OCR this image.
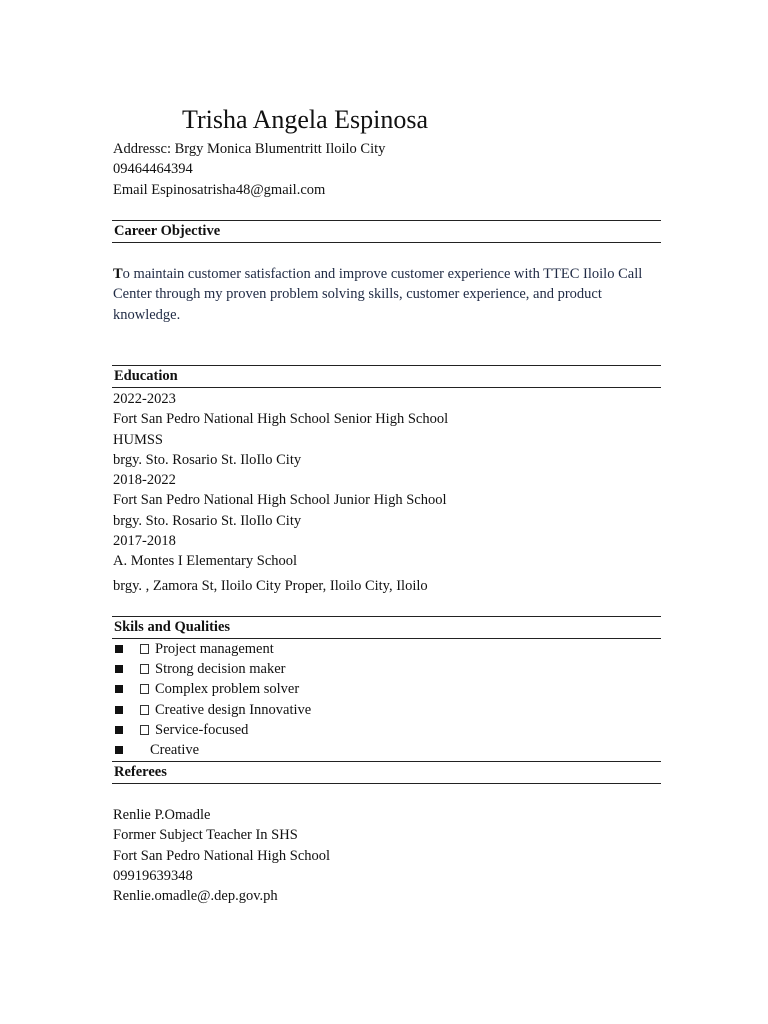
Trisha Angela Espinosa
Addressc: Brgy Monica Blumentritt Iloilo City
09464464394
Email Espinosatrisha48@gmail.com
Career Objective
To maintain customer satisfaction and improve customer experience with TTEC Iloilo Call Center through my proven problem solving skills, customer experience, and product knowledge.
Education
2022-2023
Fort San Pedro National High School Senior High School
HUMSS
brgy. Sto. Rosario St. IloIlo City
2018-2022
Fort San Pedro National High School Junior High School
brgy. Sto. Rosario St. IloIlo City
2017-2018
A. Montes I Elementary School
brgy. , Zamora St, Iloilo City Proper, Iloilo City, Iloilo
Skils and Qualities
Project management
Strong decision maker
Complex problem solver
Creative design Innovative
Service-focused
Creative
Referees
Renlie P.Omadle
Former Subject Teacher In SHS
Fort San Pedro National High School
09919639348
Renlie.omadle@.dep.gov.ph
